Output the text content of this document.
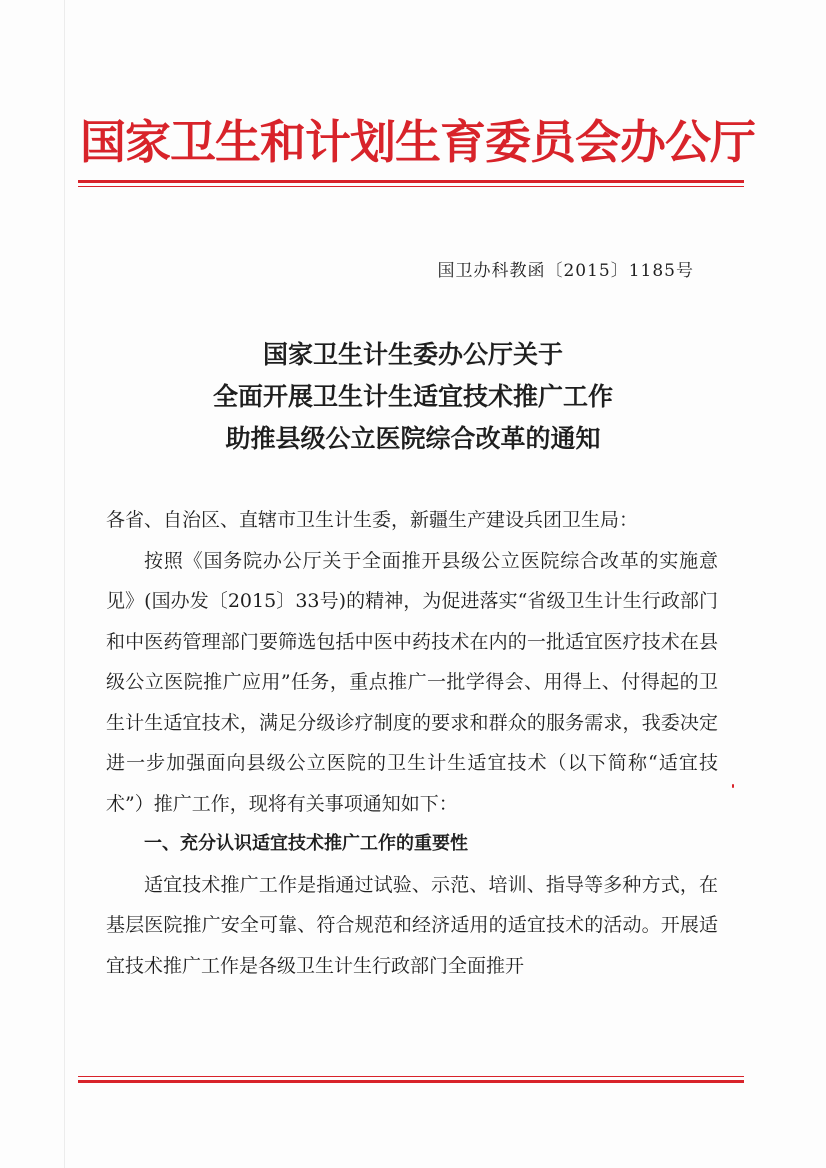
国家卫生和计划生育委员会办公厅
国卫办科教函〔2015〕1185号
国家卫生计生委办公厅关于
全面开展卫生计生适宜技术推广工作
助推县级公立医院综合改革的通知

各省、自治区、直辖市卫生计生委，新疆生产建设兵团卫生局：

按照《国务院办公厅关于全面推开县级公立医院综合改革的实施意见》(国办发〔2015〕33号)的精神，为促进落实“省级卫生计生行政部门和中医药管理部门要筛选包括中医中药技术在内的一批适宜医疗技术在县级公立医院推广应用”任务，重点推广一批学得会、用得上、付得起的卫生计生适宜技术，满足分级诊疗制度的要求和群众的服务需求，我委决定进一步加强面向县级公立医院的卫生计生适宜技术（以下简称“适宜技术”）推广工作，现将有关事项通知如下：

一、充分认识适宜技术推广工作的重要性

适宜技术推广工作是指通过试验、示范、培训、指导等多种方式，在基层医院推广安全可靠、符合规范和经济适用的适宜技术的活动。开展适宜技术推广工作是各级卫生计生行政部门全面推开
